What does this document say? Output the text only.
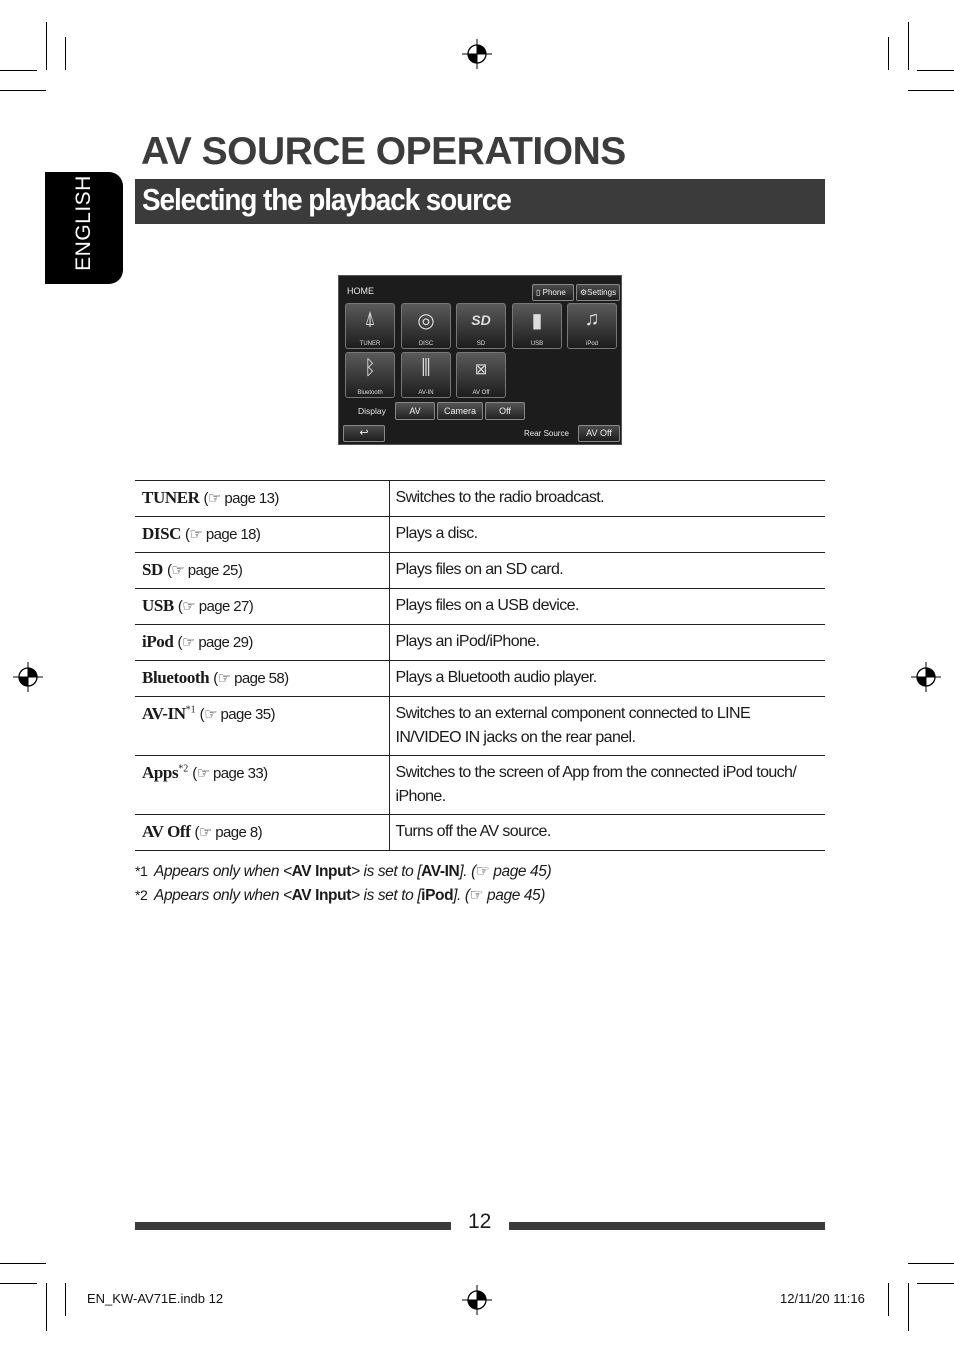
ENGLISH
AV SOURCE OPERATIONS
Selecting the playback source
HOME	▯ Phone	⚙Settings
⍋
TUNER
◎
DISC
SD
SD
▮
USB
♫
iPod
ᛒ
Bluetooth
⫼
AV-IN
⊠
AV Off
Display	AV	Camera	Off
↩	Rear Source	AV Off
TUNER (☞ page 13)	Switches to the radio broadcast.
DISC (☞ page 18)	Plays a disc.
SD (☞ page 25)	Plays files on an SD card.
USB (☞ page 27)	Plays files on a USB device.
iPod (☞ page 29)	Plays an iPod/iPhone.
Bluetooth (☞ page 58)	Plays a Bluetooth audio player.
AV-IN$^{*1}$ (☞ page 35)	Switches to an external component connected to LINE IN/VIDEO IN jacks on the rear panel.
Apps$^{*2}$ (☞ page 33)	Switches to the screen of App from the connected iPod touch/ iPhone.
AV Off (☞ page 8)	Turns off the AV source.
*1 Appears only when <AV Input> is set to [AV-IN]. (☞ page 45)
*2 Appears only when <AV Input> is set to [iPod]. (☞ page 45)
12
EN_KW-AV71E.indb 12	12/11/20 11:16
